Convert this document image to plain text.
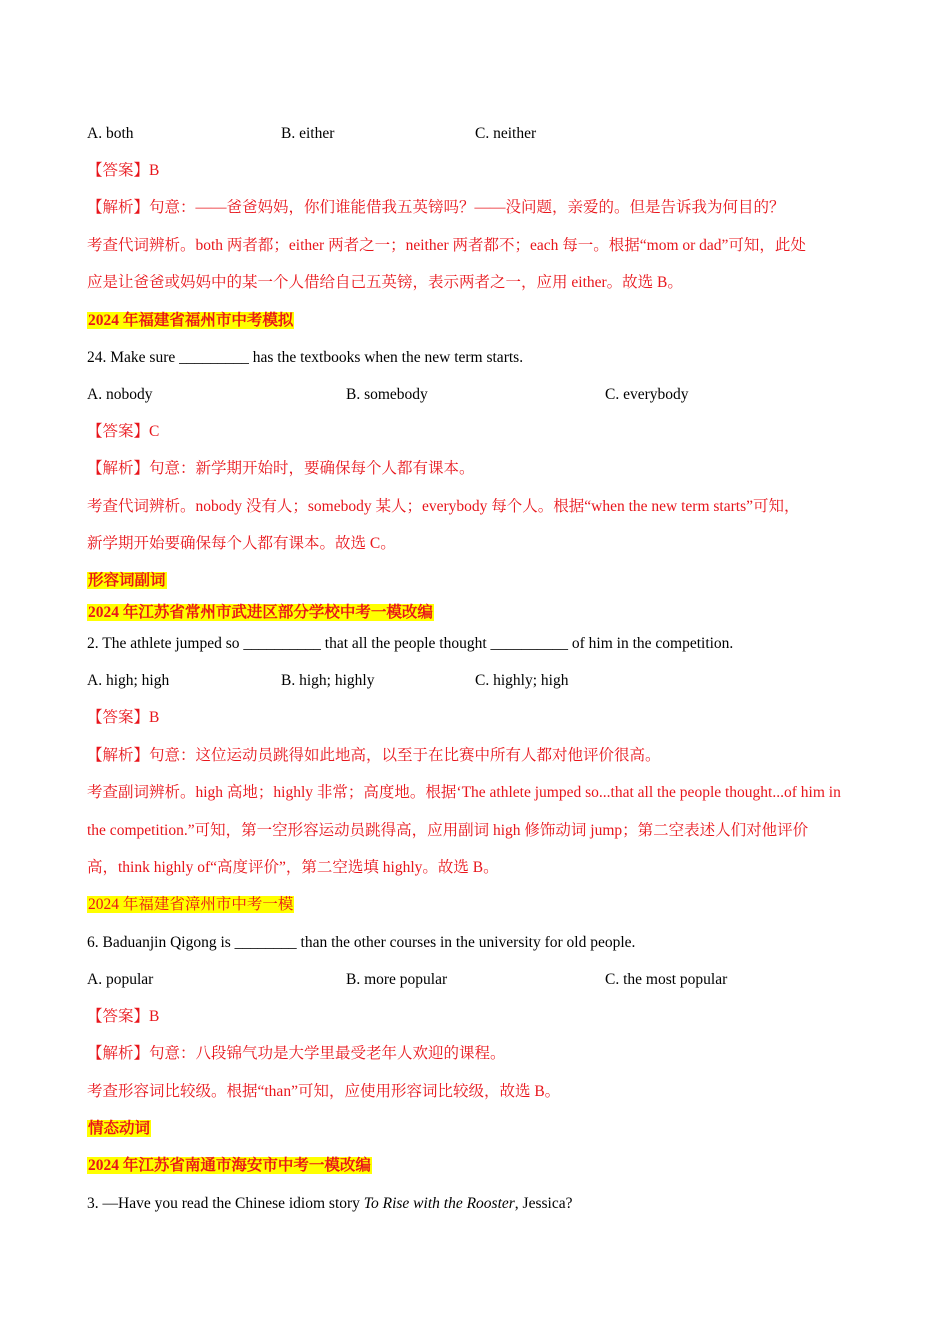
A. both	B. either	C. neither
【答案】B
【解析】句意：——爸爸妈妈，你们谁能借我五英镑吗？——没问题，亲爱的。但是告诉我为何目的？
考查代词辨析。both 两者都；either 两者之一；neither 两者都不；each 每一。根据“mom or dad”可知，此处
应是让爸爸或妈妈中的某一个人借给自己五英镑，表示两者之一，应用 either。故选 B。
2024 年福建省福州市中考模拟
24. Make sure _________ has the textbooks when the new term starts.
A. nobody	B. somebody	C. everybody
【答案】C
【解析】句意：新学期开始时，要确保每个人都有课本。
考查代词辨析。nobody 没有人；somebody 某人；everybody 每个人。根据“when the new term starts”可知，
新学期开始要确保每个人都有课本。故选 C。
形容词副词
2024 年江苏省常州市武进区部分学校中考一模改编
2. The athlete jumped so __________ that all the people thought __________ of him in the competition.
A. high; high	B. high; highly	C. highly; high
【答案】B
【解析】句意：这位运动员跳得如此地高，以至于在比赛中所有人都对他评价很高。
考查副词辨析。high 高地；highly 非常；高度地。根据‘The athlete jumped so...that all the people thought...of him in
the competition.”可知，第一空形容运动员跳得高，应用副词 high 修饰动词 jump；第二空表述人们对他评价
高，think highly of“高度评价”，第二空选填 highly。故选 B。
2024 年福建省漳州市中考一模
6. Baduanjin Qigong is ________ than the other courses in the university for old people.
A. popular	B. more popular	C. the most popular
【答案】B
【解析】句意：八段锦气功是大学里最受老年人欢迎的课程。
考查形容词比较级。根据“than”可知，应使用形容词比较级，故选 B。
情态动词
2024 年江苏省南通市海安市中考一模改编
3. —Have you read the Chinese idiom story To Rise with the Rooster, Jessica?
